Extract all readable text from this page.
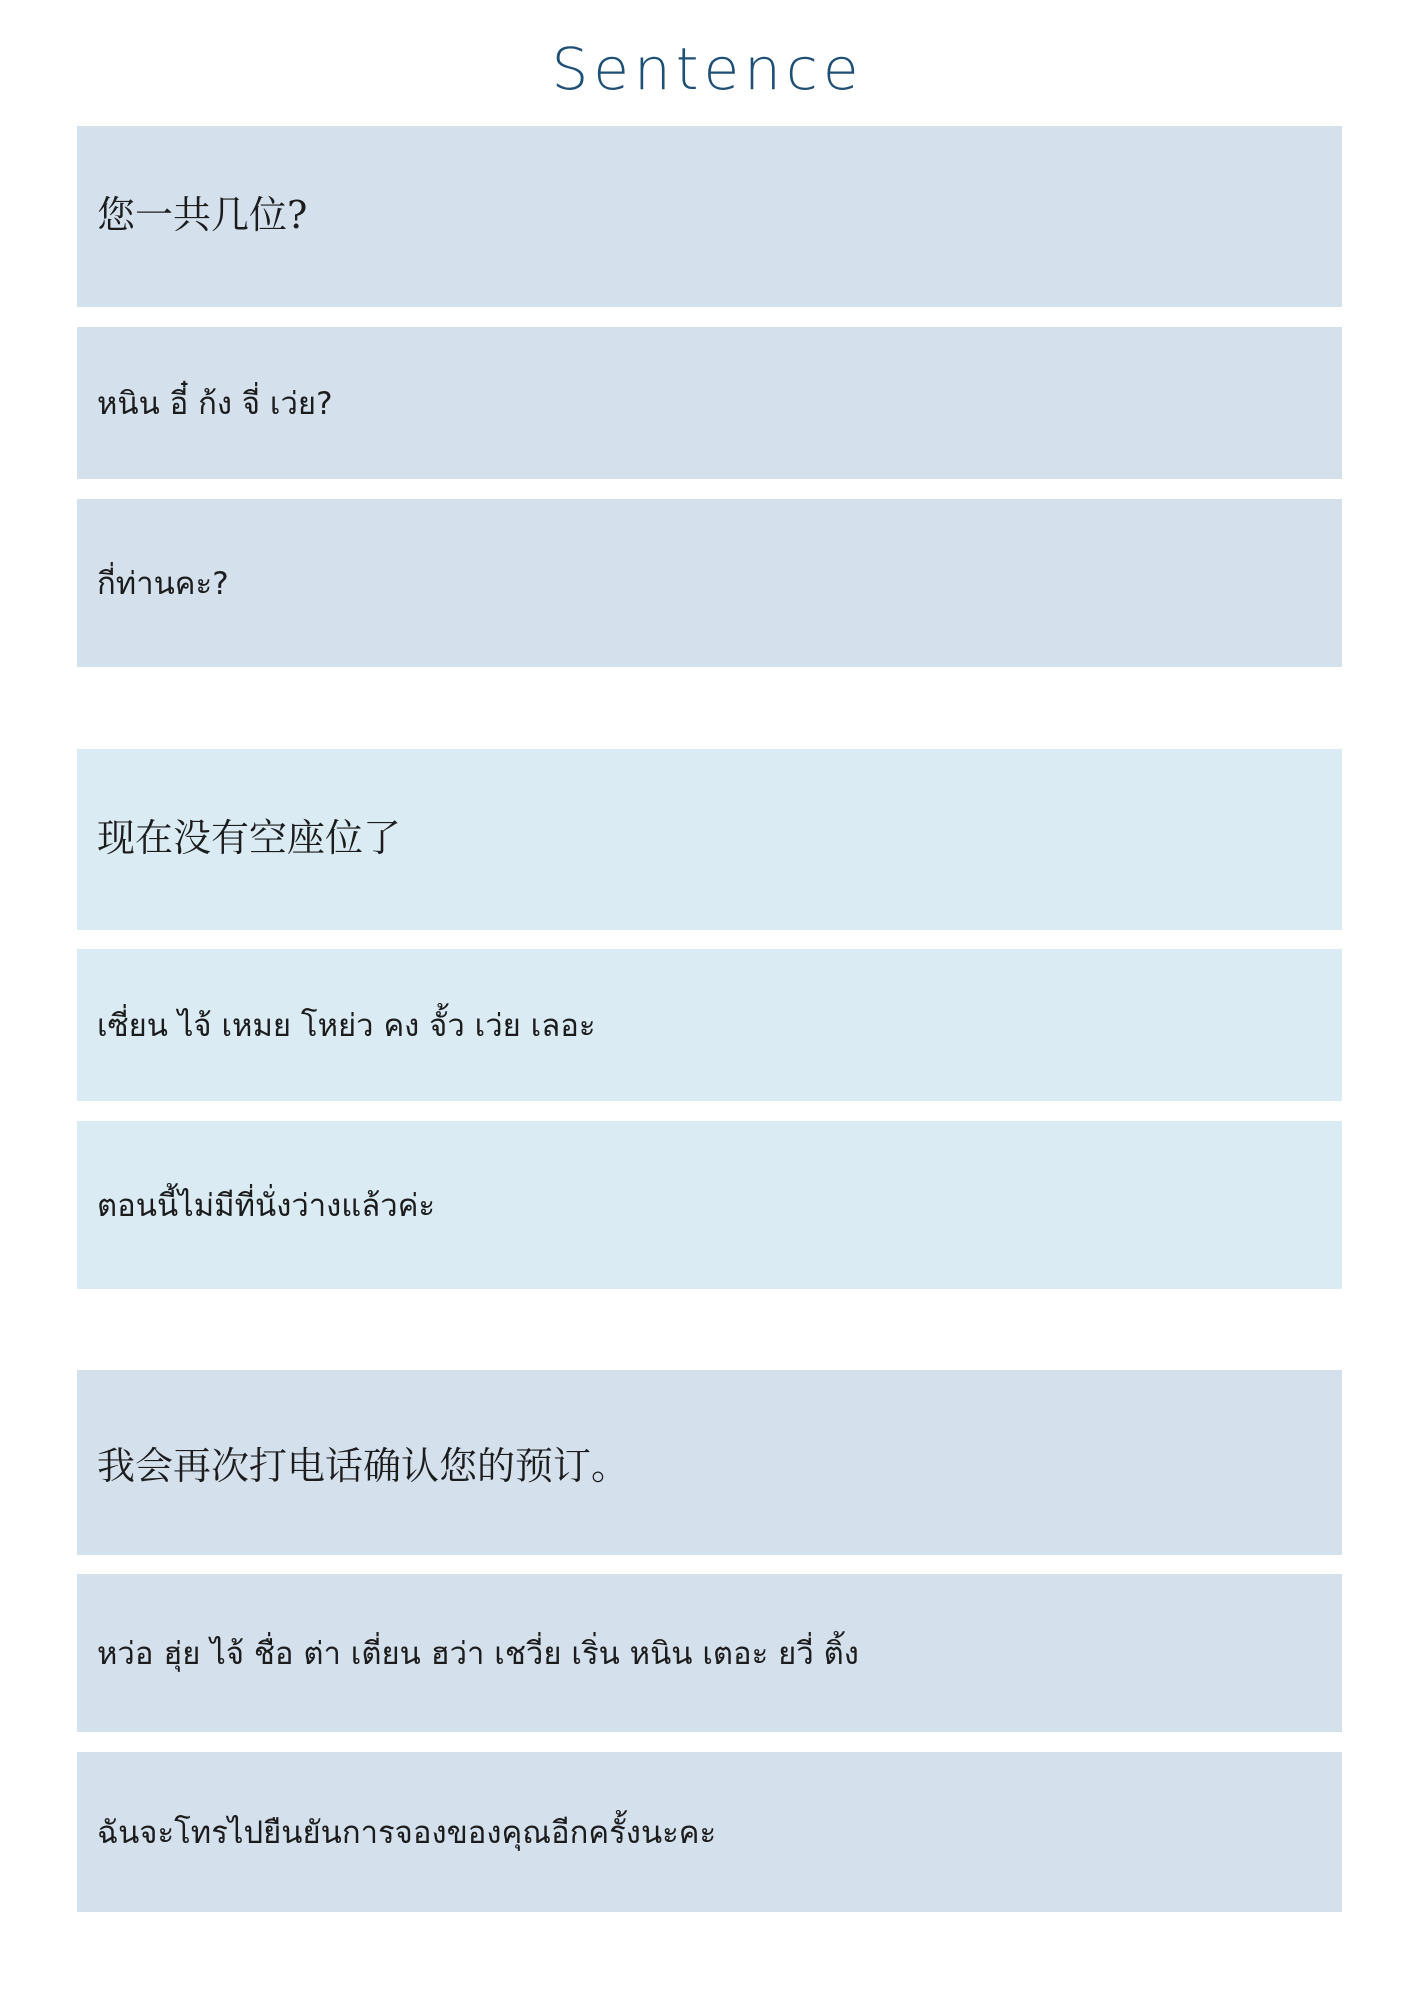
Sentence
您一共几位?
หนิน อี๋ ก้ง จี่ เว่ย?
กี่ท่านคะ?
现在没有空座位了
เซี่ยน ไจ้ เหมย โหย่ว คง จั้ว เว่ย เลอะ
ตอนนี้ไม่มีที่นั่งว่างแล้วค่ะ
我会再次打电话确认您的预订。
หว่อ ฮุ่ย ไจ้ ชื่อ ต่า เตี่ยน ฮว่า เชวี่ย เริ่น หนิน เตอะ ยวี่ ติ้ง
ฉันจะโทรไปยืนยันการจองของคุณอีกครั้งนะคะ
